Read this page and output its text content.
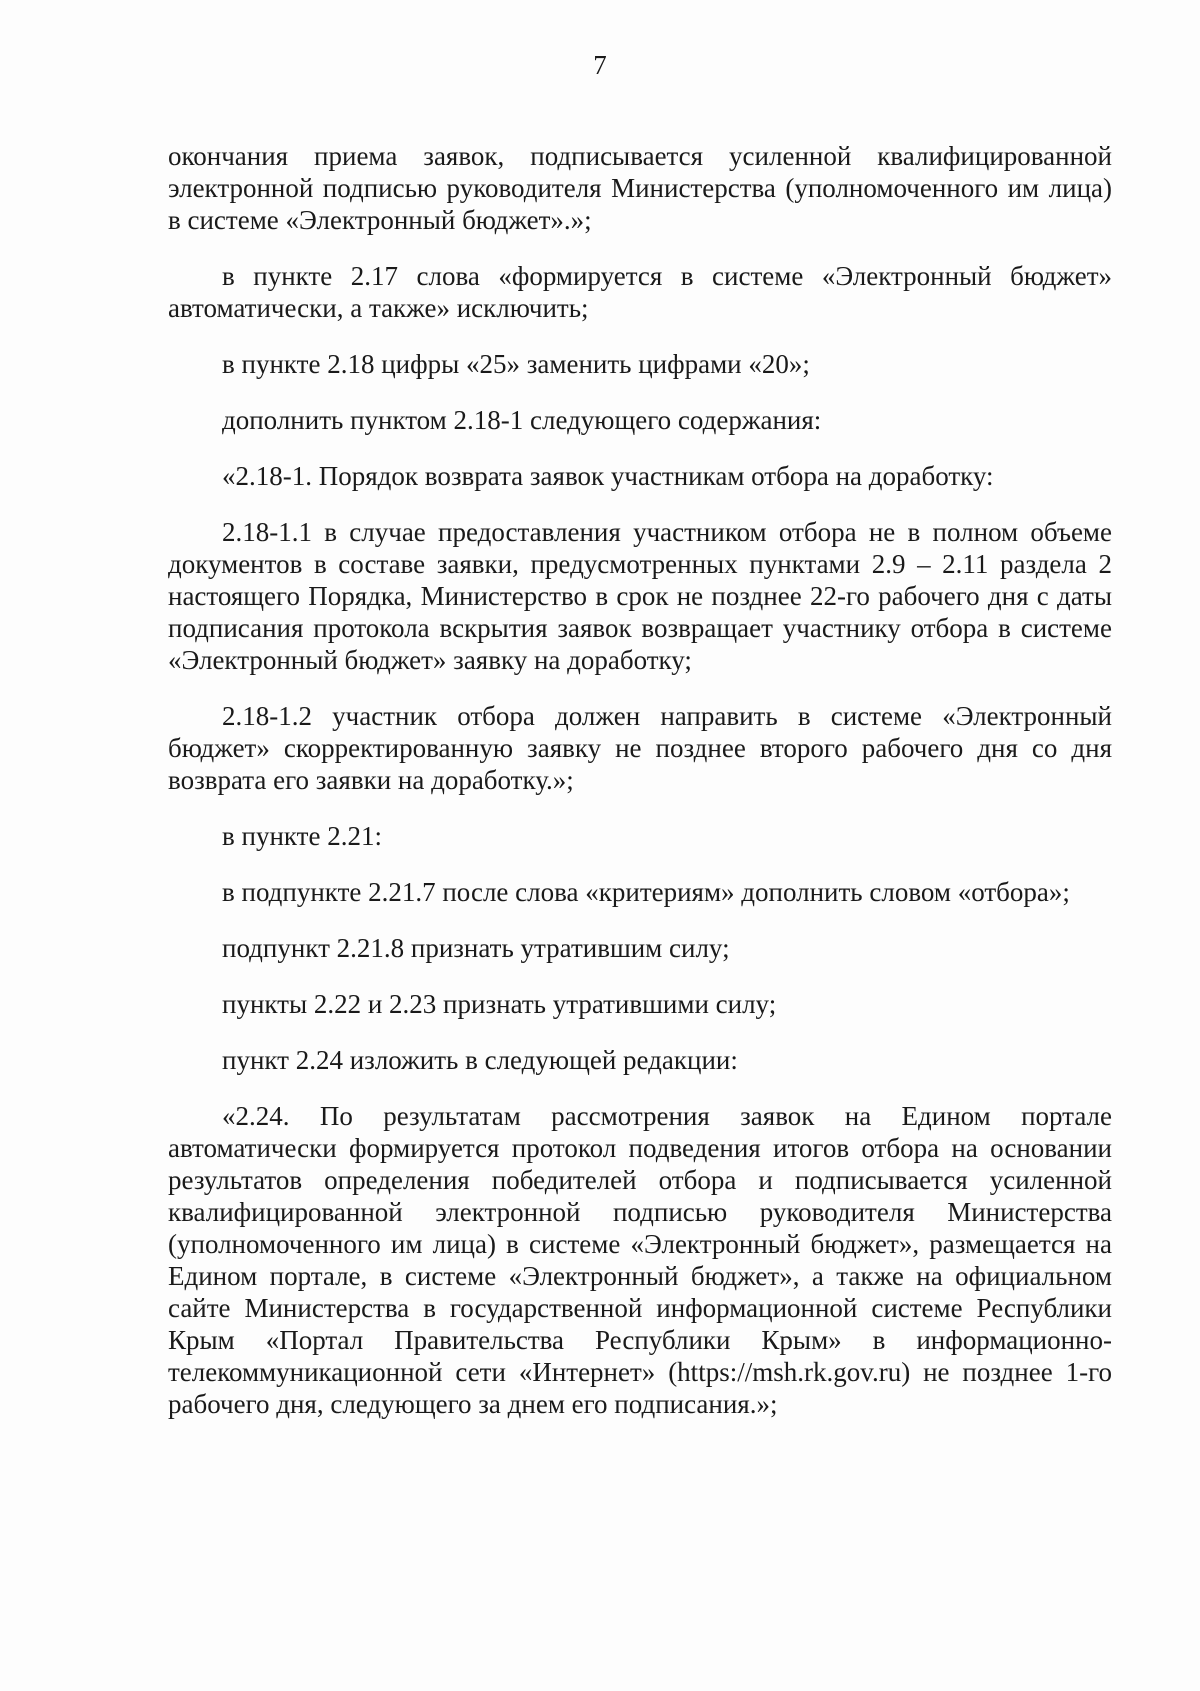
7

окончания приема заявок, подписывается усиленной квалифицированной электронной подписью руководителя Министерства (уполномоченного им лица) в системе «Электронный бюджет».»;

в пункте 2.17 слова «формируется в системе «Электронный бюджет» автоматически, а также» исключить;

в пункте 2.18 цифры «25» заменить цифрами «20»;

дополнить пунктом 2.18-1 следующего содержания:

«2.18-1. Порядок возврата заявок участникам отбора на доработку:

2.18-1.1 в случае предоставления участником отбора не в полном объеме документов в составе заявки, предусмотренных пунктами 2.9 – 2.11 раздела 2 настоящего Порядка, Министерство в срок не позднее 22-го рабочего дня с даты подписания протокола вскрытия заявок возвращает участнику отбора в системе «Электронный бюджет» заявку на доработку;

2.18-1.2 участник отбора должен направить в системе «Электронный бюджет» скорректированную заявку не позднее второго рабочего дня со дня возврата его заявки на доработку.»;

в пункте 2.21:

в подпункте 2.21.7 после слова «критериям» дополнить словом «отбора»;

подпункт 2.21.8 признать утратившим силу;

пункты 2.22 и 2.23 признать утратившими силу;

пункт 2.24 изложить в следующей редакции:

«2.24. По результатам рассмотрения заявок на Едином портале автоматически формируется протокол подведения итогов отбора на основании результатов определения победителей отбора и подписывается усиленной квалифицированной электронной подписью руководителя Министерства (уполномоченного им лица) в системе «Электронный бюджет», размещается на Едином портале, в системе «Электронный бюджет», а также на официальном сайте Министерства в государственной информационной системе Республики Крым «Портал Правительства Республики Крым» в информационно-телекоммуникационной сети «Интернет» (https://msh.rk.gov.ru) не позднее 1-го рабочего дня, следующего за днем его подписания.»;
